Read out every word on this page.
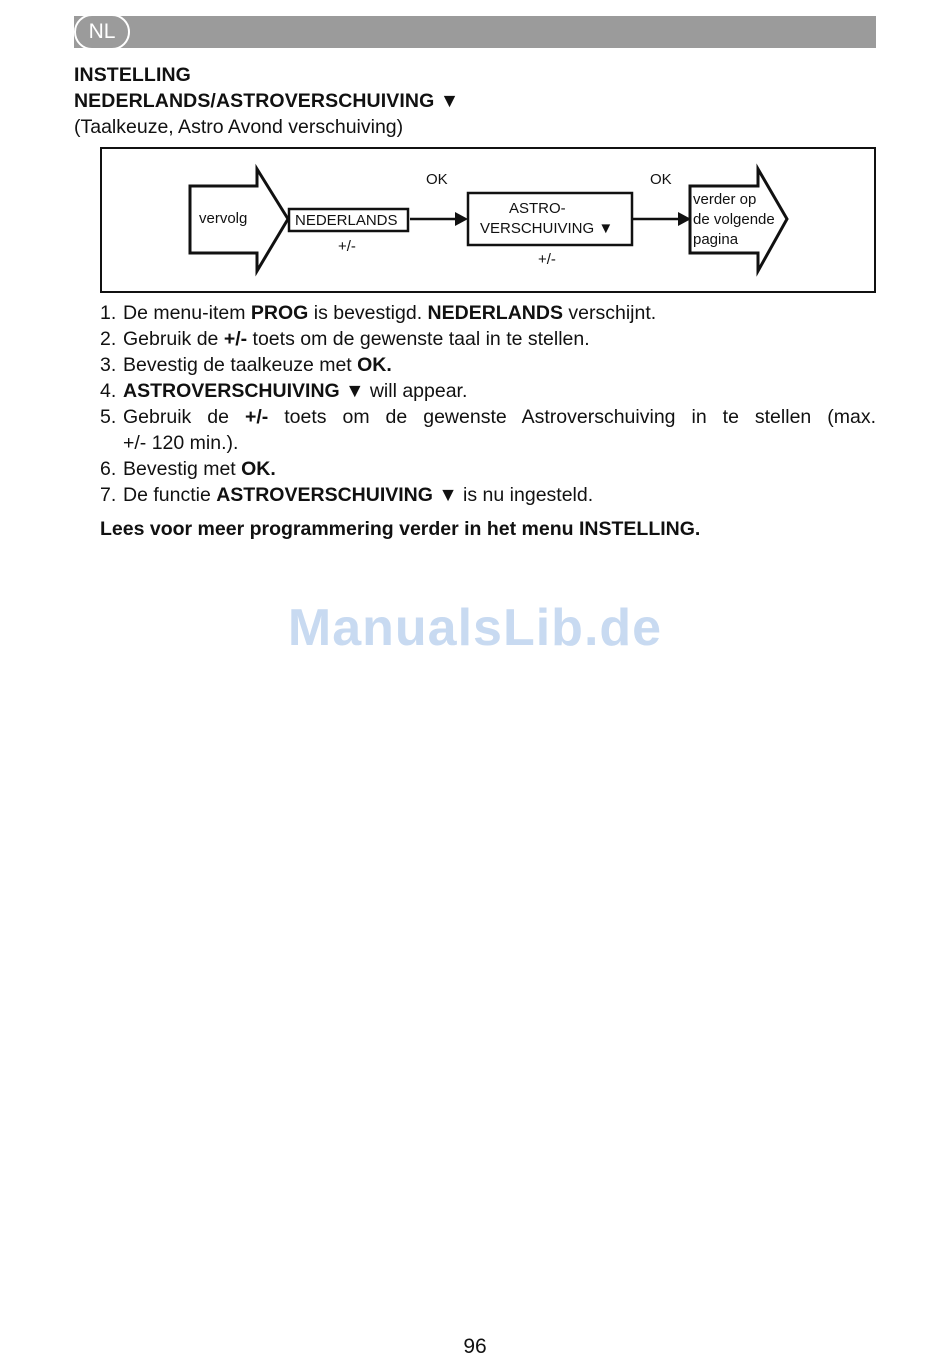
NL
INSTELLING
NEDERLANDS/ASTROVERSCHUIVING ▼
(Taalkeuze, Astro Avond verschuiving)
vervolg	NEDERLANDS
+/-
OK
ASTRO-
VERSCHUIVING ▼
+/-
OK
verder op
de volgende
pagina
1. De menu-item PROG is bevestigd. NEDERLANDS verschijnt.
2. Gebruik de +/- toets om de gewenste taal in te stellen.
3. Bevestig de taalkeuze met OK.
4. ASTROVERSCHUIVING ▼ will appear.
5. Gebruik de +/- toets om de gewenste Astroverschuiving in te stellen (max.
+/- 120 min.).
6. Bevestig met OK.
7. De functie ASTROVERSCHUIVING ▼ is nu ingesteld.
Lees voor meer programmering verder in het menu INSTELLING.
ManualsLib.de
96
